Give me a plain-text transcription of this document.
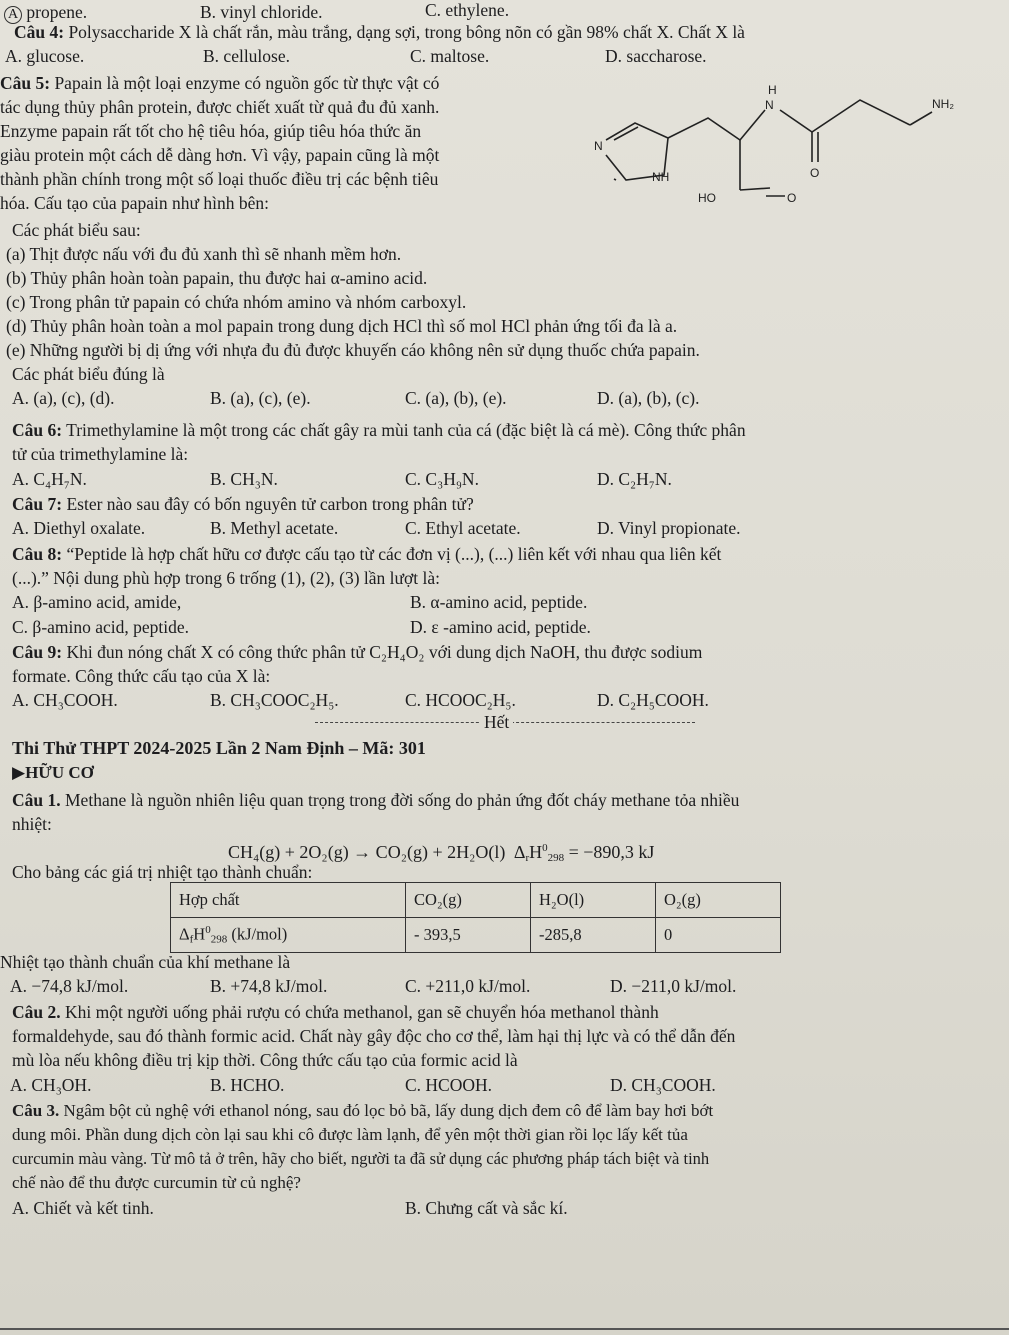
A propene.	B. vinyl chloride.	C. ethylene.
Câu 4: Polysaccharide X là chất rắn, màu trắng, dạng sợi, trong bông nõn có gần 98% chất X. Chất X là
A. glucose.	B. cellulose.	C. maltose.	D. saccharose.
Câu 5: Papain là một loại enzyme có nguồn gốc từ thực vật có
tác dụng thủy phân protein, được chiết xuất từ quả đu đủ xanh.
Enzyme papain rất tốt cho hệ tiêu hóa, giúp tiêu hóa thức ăn
giàu protein một cách dễ dàng hơn. Vì vậy, papain cũng là một
thành phần chính trong một số loại thuốc điều trị các bệnh tiêu
hóa. Cấu tạo của papain như hình bên:
H
N	NH₂
O
N
NH
HO	O
Các phát biểu sau:
(a) Thịt được nấu với đu đủ xanh thì sẽ nhanh mềm hơn.
(b) Thủy phân hoàn toàn papain, thu được hai α-amino acid.
(c) Trong phân tử papain có chứa nhóm amino và nhóm carboxyl.
(d) Thủy phân hoàn toàn a mol papain trong dung dịch HCl thì số mol HCl phản ứng tối đa là a.
(e) Những người bị dị ứng với nhựa đu đủ được khuyến cáo không nên sử dụng thuốc chứa papain.
Các phát biểu đúng là
A. (a), (c), (d).	B. (a), (c), (e).	C. (a), (b), (e).	D. (a), (b), (c).
Câu 6: Trimethylamine là một trong các chất gây ra mùi tanh của cá (đặc biệt là cá mè). Công thức phân
tử của trimethylamine là:
A. C₄H₇N.	B. CH₃N.	C. C₃H₉N.	D. C₂H₇N.
Câu 7: Ester nào sau đây có bốn nguyên tử carbon trong phân tử?
A. Diethyl oxalate.	B. Methyl acetate.	C. Ethyl acetate.	D. Vinyl propionate.
Câu 8: “Peptide là hợp chất hữu cơ được cấu tạo từ các đơn vị (...), (...) liên kết với nhau qua liên kết
(...).” Nội dung phù hợp trong 6 trống (1), (2), (3) lần lượt là:
A. β-amino acid, amide,	B. α-amino acid, peptide.
C. β-amino acid, peptide.	D. ε -amino acid, peptide.
Câu 9: Khi đun nóng chất X có công thức phân tử C₂H₄O₂ với dung dịch NaOH, thu được sodium
formate. Công thức cấu tạo của X là:
A. CH₃COOH.	B. CH₃COOC₂H₅.	C. HCOOC₂H₅.	D. C₂H₅COOH.
Hết
Thi Thử THPT 2024-2025 Lần 2 Nam Định – Mã: 301
▶HỮU CƠ
Câu 1. Methane là nguồn nhiên liệu quan trọng trong đời sống do phản ứng đốt cháy methane tỏa nhiều
nhiệt:
CH₄(g) + 2O₂(g) → CO₂(g) + 2H₂O(l) $\Delta_rH^0_{298} = -890,3$ kJ
Cho bảng các giá trị nhiệt tạo thành chuẩn:
Hợp chất	CO₂(g)	H₂O(l)	O₂(g)
$\Delta_fH^0_{298}$ (kJ/mol)	- 393,5	-285,8	0
Nhiệt tạo thành chuẩn của khí methane là
A. −74,8 kJ/mol.	B. +74,8 kJ/mol.	C. +211,0 kJ/mol.	D. −211,0 kJ/mol.
Câu 2. Khi một người uống phải rượu có chứa methanol, gan sẽ chuyển hóa methanol thành
formaldehyde, sau đó thành formic acid. Chất này gây độc cho cơ thể, làm hại thị lực và có thể dẫn đến
mù lòa nếu không điều trị kịp thời. Công thức cấu tạo của formic acid là
A. CH₃OH.	B. HCHO.	C. HCOOH.	D. CH₃COOH.
Câu 3. Ngâm bột củ nghệ với ethanol nóng, sau đó lọc bỏ bã, lấy dung dịch đem cô để làm bay hơi bớt
dung môi. Phần dung dịch còn lại sau khi cô được làm lạnh, để yên một thời gian rồi lọc lấy kết tủa
curcumin màu vàng. Từ mô tả ở trên, hãy cho biết, người ta đã sử dụng các phương pháp tách biệt và tinh
chế nào để thu được curcumin từ củ nghệ?
A. Chiết và kết tinh.	B. Chưng cất và sắc kí.
